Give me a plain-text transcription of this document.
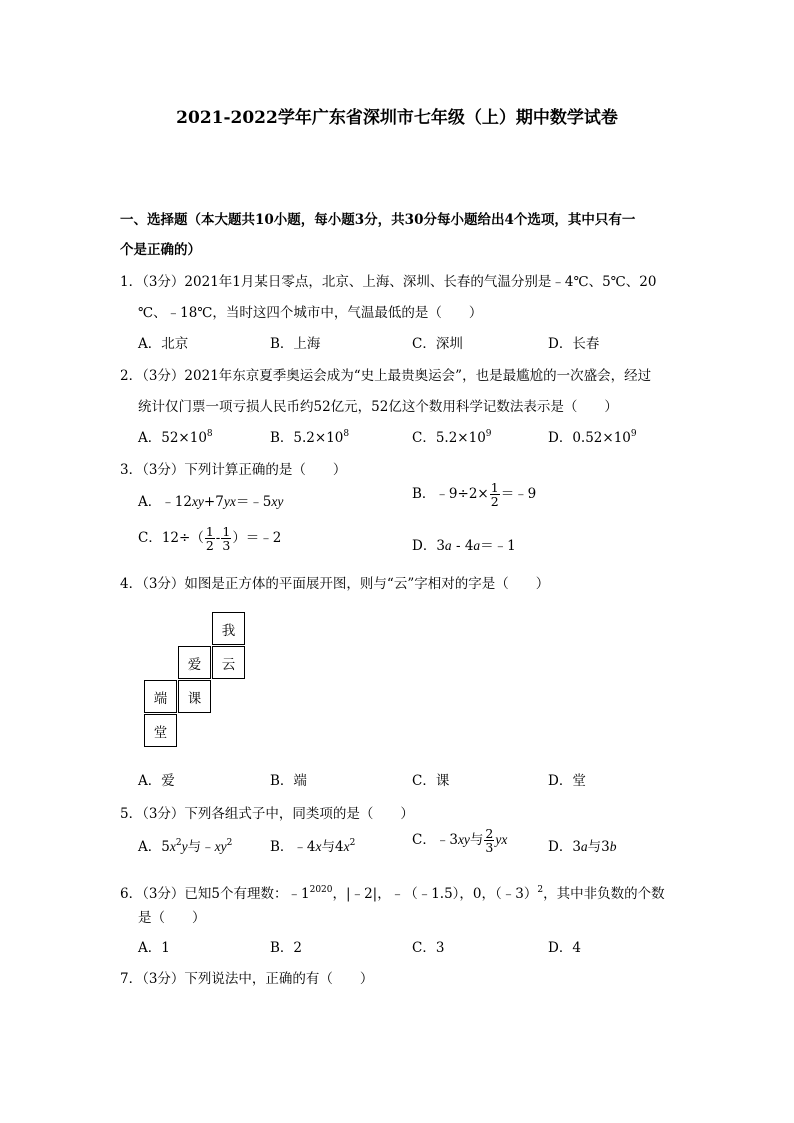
2021-2022学年广东省深圳市七年级（上）期中数学试卷
一、选择题（本大题共10小题，每小题3分，共30分每小题给出4个选项，其中只有一
个是正确的）
1．（3分）2021年1月某日零点，北京、上海、深圳、长春的气温分别是﹣4℃、5℃、20
℃、﹣18℃，当时这四个城市中，气温最低的是（　　）
A．北京	B．上海	C．深圳	D．长春
2．（3分）2021年东京夏季奥运会成为“史上最贵奥运会”，也是最尴尬的一次盛会，经过
统计仅门票一项亏损人民币约52亿元，52亿这个数用科学记数法表示是（　　）
A．$52\times 10^8$	B．$5.2\times 10^8$	C．$5.2\times 10^9$	D．$0.52\times 10^9$
3．（3分）下列计算正确的是（　　）
A．﹣12xy+7yx＝﹣5xy	B．﹣9÷2× $\frac{1}{2}$ ＝﹣9
C．$12\div( \frac{1}{2} - \frac{1}{3}$ ）＝﹣2	D．3a - 4a＝﹣1
4．（3分）如图是正方体的平面展开图，则与“云”字相对的字是（　　）
我
爱	云
端	课
堂
A．爱	B．端	C．课	D．堂
5．（3分）下列各组式子中，同类项的是（　　）
A．$5x^2y$与$﹣xy^2$	B．﹣4x与$4x^2$	C．﹣3xy与 $\frac{2}{3}$ yx	D．3a与3b
6．（3分）已知5个有理数：$﹣1^{2020}$，|﹣2|，﹣（﹣1.5），0，（﹣3）$^2$，其中非负数的个数
是（　　）
A．1	B．2	C．3	D．4
7．（3分）下列说法中，正确的有（　　）
